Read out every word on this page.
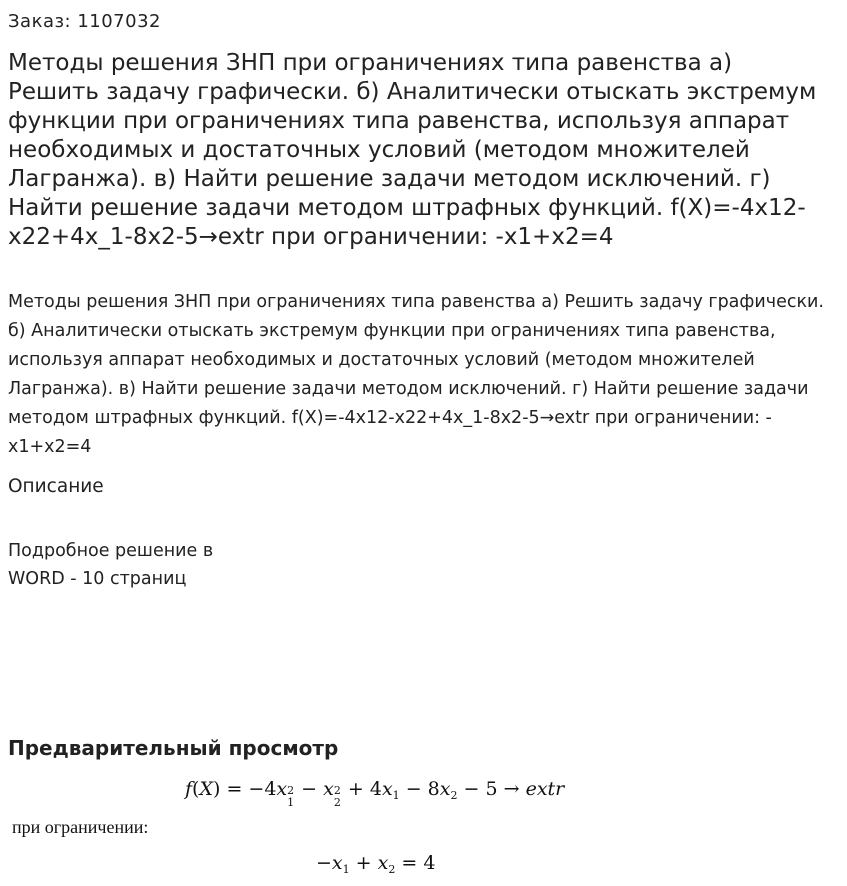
Заказ: 1107032
Методы решения ЗНП при ограничениях типа равенства а) Решить задачу графически. б) Аналитически отыскать экстремум функции при ограничениях типа равенства, используя аппарат необходимых и достаточных условий (методом множителей Лагранжа). в) Найти решение задачи методом исключений. г) Найти решение задачи методом штрафных функций. f(X)=-4x12-x22+4x_1-8x2-5→extr при ограничении: -x1+x2=4

Методы решения ЗНП при ограничениях типа равенства а) Решить задачу графически. б) Аналитически отыскать экстремум функции при ограничениях типа равенства, используя аппарат необходимых и достаточных условий (методом множителей Лагранжа). в) Найти решение задачи методом исключений. г) Найти решение задачи методом штрафных функций. f(X)=-4x12-x22+4x_1-8x2-5→extr при ограничении: -x1+x2=4

Описание

Подробное решение в WORD - 10 страниц

Предварительный просмотр
f(X) = −4x 2
1
− x 2
2
+ $4x_1 - 8x_2 - 5$ → extr
при ограничении:
$-x_1 + x_2 = 4$
